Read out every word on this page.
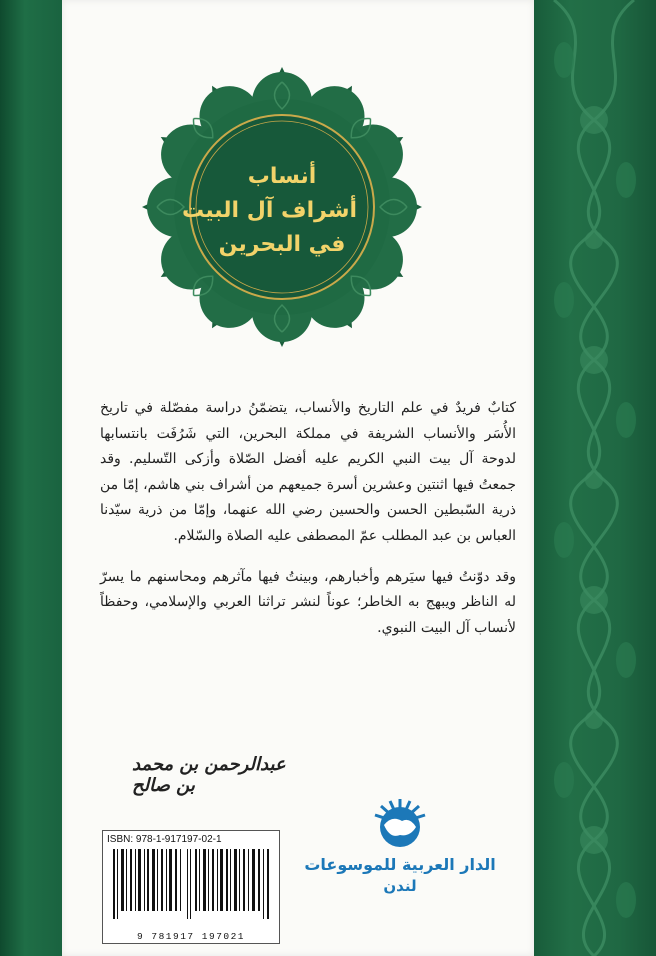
أنساب
أشراف آل البيت
في البحرين

كتابٌ فريدٌ في علم التاريخ والأنساب، يتضمّنُ دراسة مفصّلة في تاريخ الأُسَر والأنساب الشريفة في مملكة البحرين، التي شَرُفَت بانتسابها لدوحة آل بيت النبي الكريم عليه أفضل الصّلاة وأزكى التّسليم. وقد جمعتُ فيها اثنتين وعشرين أسرة جميعهم من أشراف بني هاشم، إمّا من ذرية السّبطين الحسن والحسين رضي الله عنهما، وإمّا من ذرية سيّدنا العباس بن عبد المطلب عمّ المصطفى عليه الصلاة والسّلام.

وقد دوّنتُ فيها سيَرهم وأخبارهم، وبينتُ فيها مآثرهم ومحاسنهم ما يسرّ له الناظر ويبهج به الخاطر؛ عوناً لنشر تراثنا العربي والإسلامي، وحفظاً لأنساب آل البيت النبوي.

عبدالرحمن بن محمد بن صالح
ISBN: 978-1-917197-02-1
9 781917 197021
الدار العربية للموسوعات
لندن
